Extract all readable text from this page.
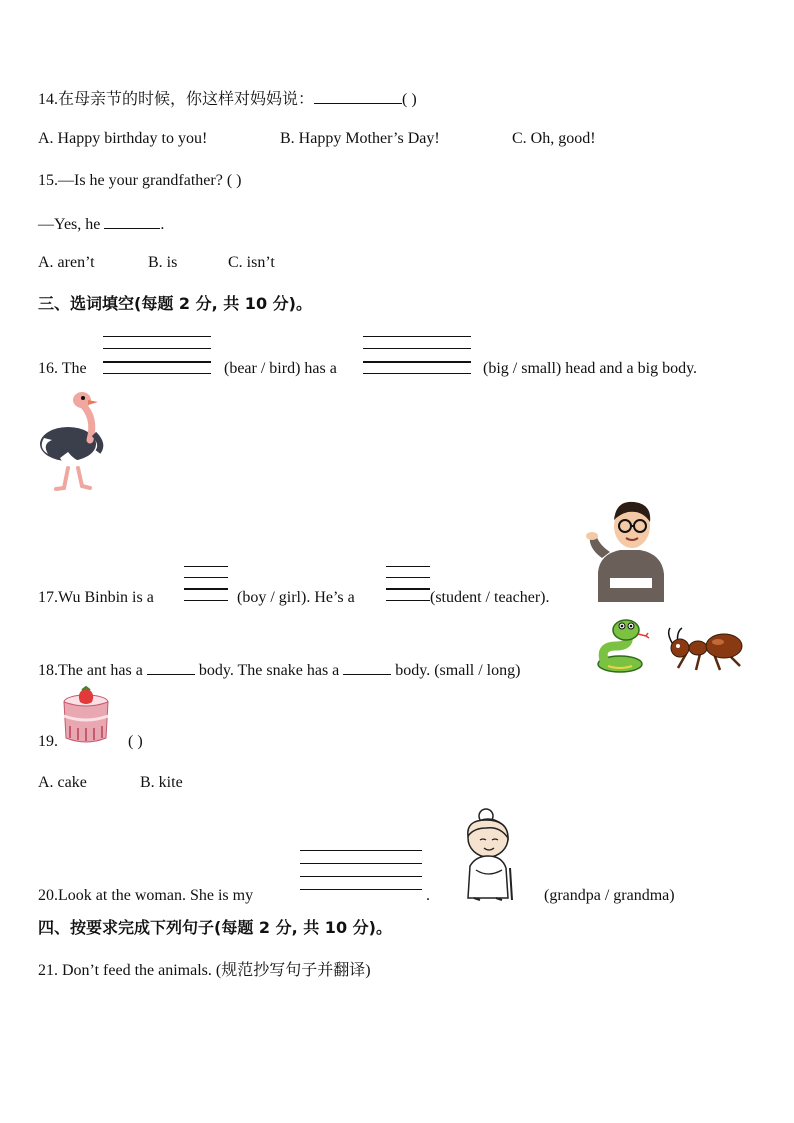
14.在母亲节的时候，你这样对妈妈说：	( )
A. Happy birthday to you!	B. Happy Mother’s Day!	C. Oh, good!
15.—Is he your grandfather? ( )
—Yes, he	.
A. aren’t	B. is	C. isn’t
三、选词填空(每题 2 分, 共 10 分)。
16. The	(bear / bird) has a	(big / small) head and a big body.
17.Wu Binbin is a	(boy / girl). He’s a	(student / teacher).
18.The ant has a	body. The snake has a	body. (small / long)
19.	( )
A. cake	B. kite
20.Look at the woman. She is my	.	(grandpa / grandma)
四、按要求完成下列句子(每题 2 分, 共 10 分)。
21. Don’t feed the animals. (规范抄写句子并翻译)
